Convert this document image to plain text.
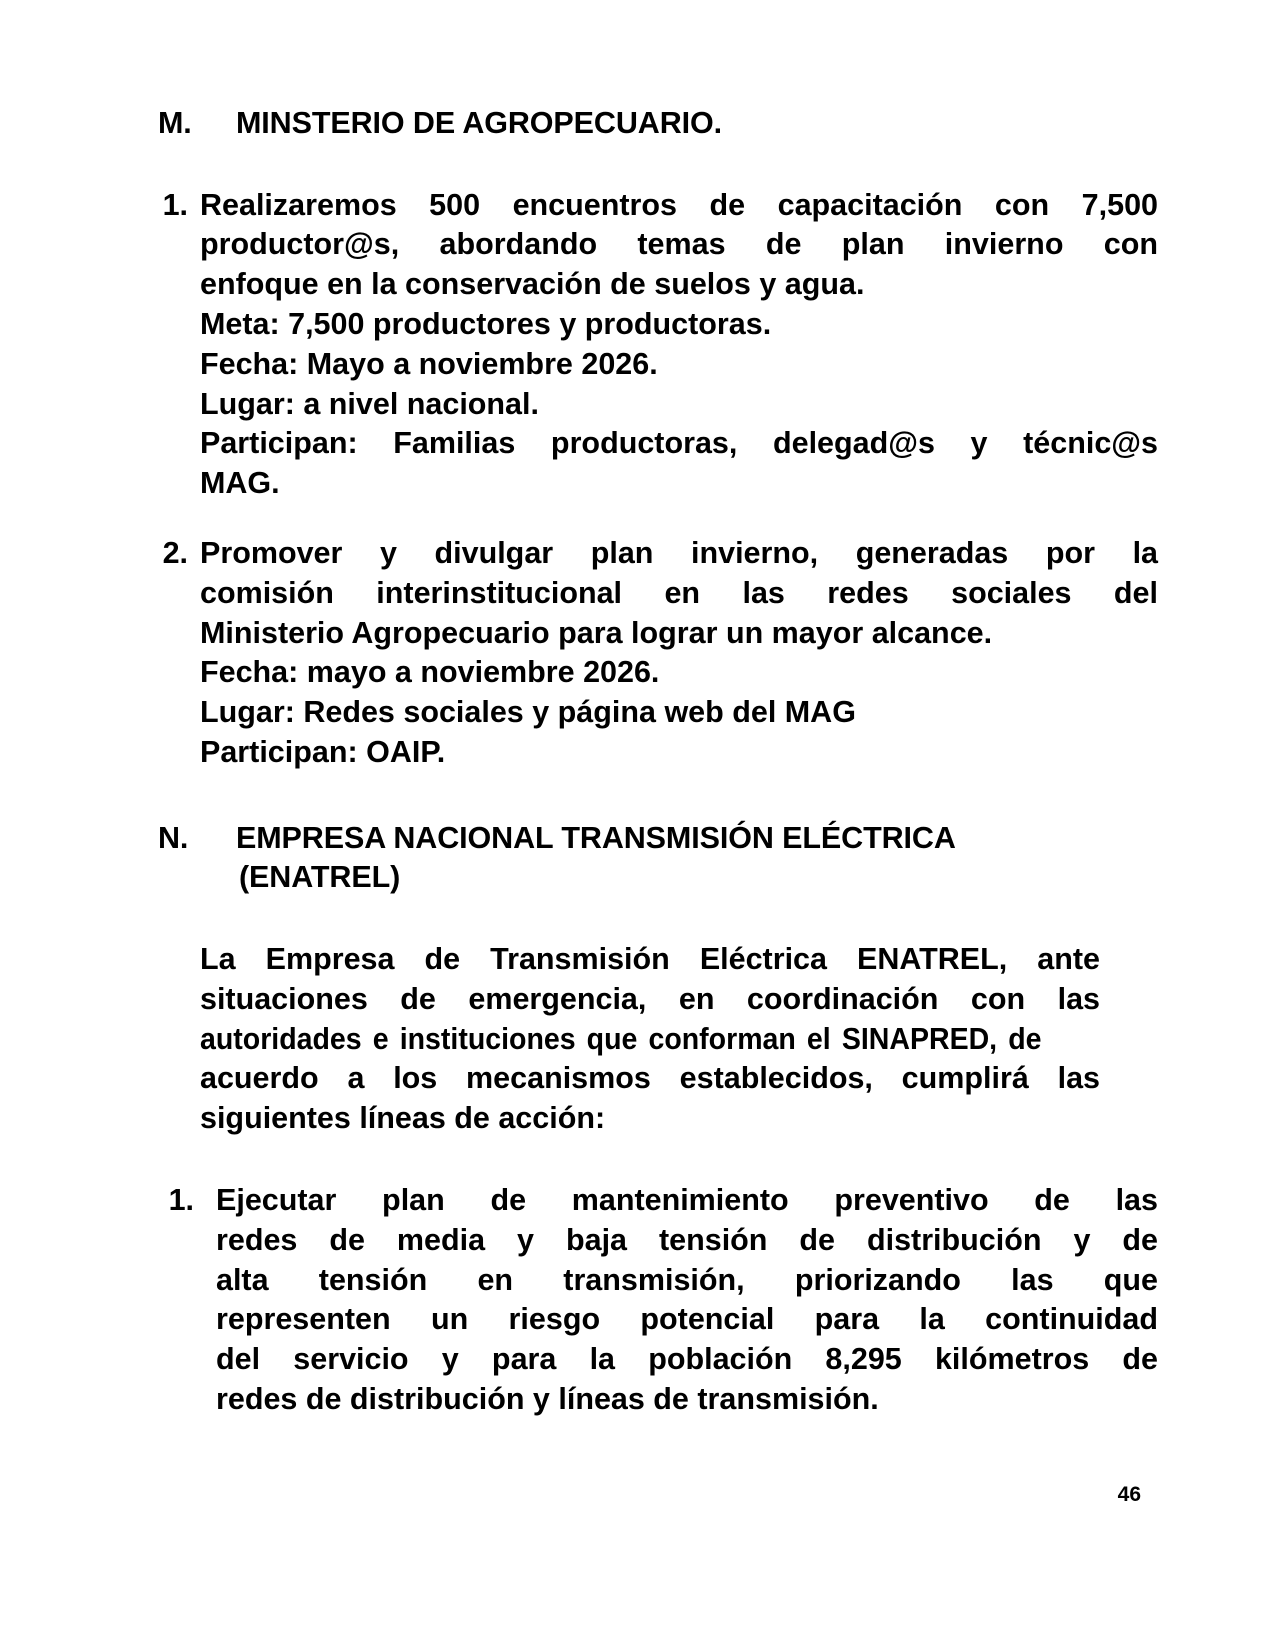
M.	MINSTERIO DE AGROPECUARIO.
1. Realizaremos 500 encuentros de capacitación con 7,500
productor@s, abordando temas de plan invierno con
enfoque en la conservación de suelos y agua.

Meta: 7,500 productores y productoras.

Fecha: Mayo a noviembre 2026.

Lugar: a nivel nacional.

Participan: Familias productoras, delegad@s y técnic@s
MAG.

2. Promover y divulgar plan invierno, generadas por la
comisión interinstitucional en las redes sociales del
Ministerio Agropecuario para lograr un mayor alcance.

Fecha: mayo a noviembre 2026.

Lugar: Redes sociales y página web del MAG

Participan: OAIP.

N.	EMPRESA NACIONAL TRANSMISIÓN ELÉCTRICA
(ENATREL)

La Empresa de Transmisión Eléctrica ENATREL, ante
situaciones de emergencia, en coordinación con las
autoridades e instituciones que conforman el SINAPRED, de
acuerdo a los mecanismos establecidos, cumplirá las
siguientes líneas de acción:

1. Ejecutar plan de mantenimiento preventivo de las
redes de media y baja tensión de distribución y de
alta tensión en transmisión, priorizando las que
representen un riesgo potencial para la continuidad
del servicio y para la población 8,295 kilómetros de
redes de distribución y líneas de transmisión.

46
